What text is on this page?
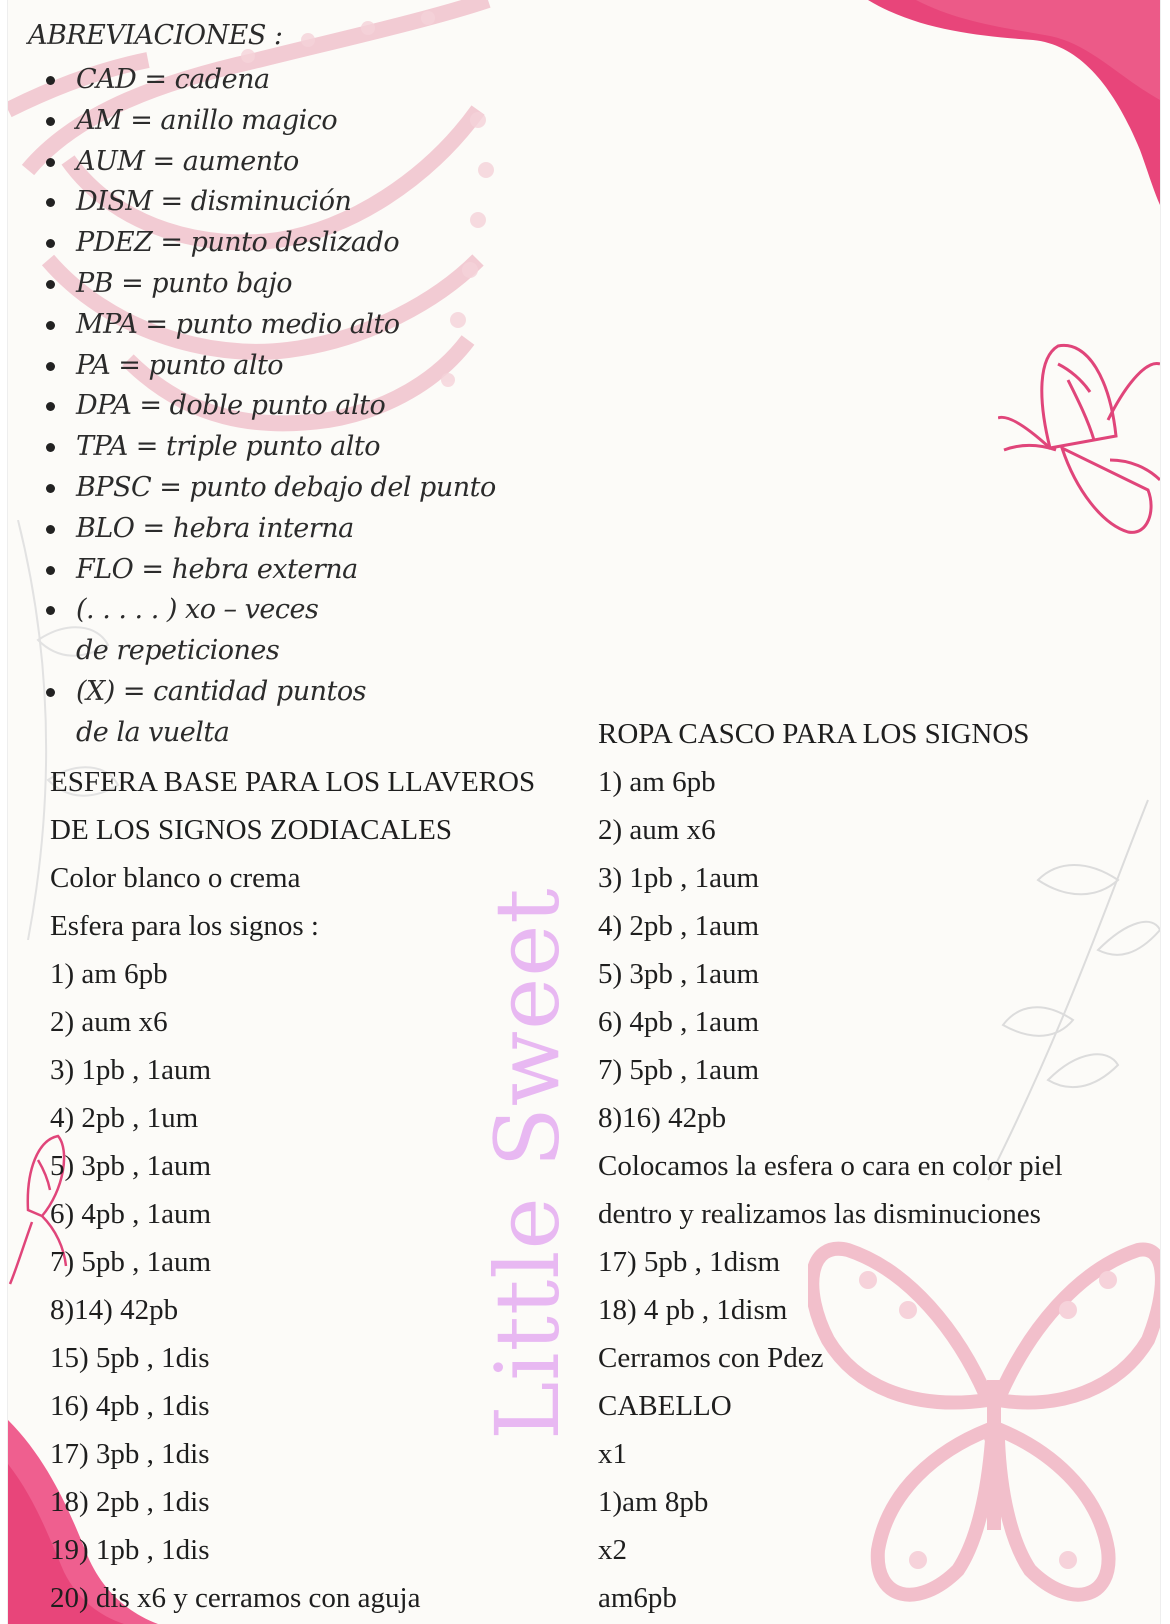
Little Sweet
ABREVIACIONES :
CAD = cadena
AM = anillo magico
AUM = aumento
DISM = disminución
PDEZ = punto deslizado
PB = punto bajo
MPA = punto medio alto
PA = punto alto
DPA = doble punto alto
TPA = triple punto alto
BPSC = punto debajo del punto
BLO = hebra interna
FLO = hebra externa
(. . . . . ) xo – veces de repeticiones
(X) = cantidad puntos de la vuelta
ESFERA BASE PARA LOS LLAVEROS
DE LOS SIGNOS ZODIACALES
Color blanco o crema
Esfera para los signos :
1) am 6pb
2) aum x6
3) 1pb , 1aum
4) 2pb , 1um
5) 3pb , 1aum
6) 4pb , 1aum
7) 5pb , 1aum
8)14) 42pb
15) 5pb , 1dis
16) 4pb , 1dis
17) 3pb , 1dis
18) 2pb , 1dis
19) 1pb , 1dis
20) dis x6 y cerramos con aguja
ROPA CASCO PARA LOS SIGNOS
1) am 6pb
2) aum x6
3) 1pb , 1aum
4) 2pb , 1aum
5) 3pb , 1aum
6) 4pb , 1aum
7) 5pb , 1aum
8)16) 42pb
Colocamos la esfera o cara en color piel
dentro y realizamos las disminuciones
17) 5pb , 1dism
18) 4 pb , 1dism
Cerramos con Pdez
CABELLO
x1
1)am 8pb
x2
am6pb
